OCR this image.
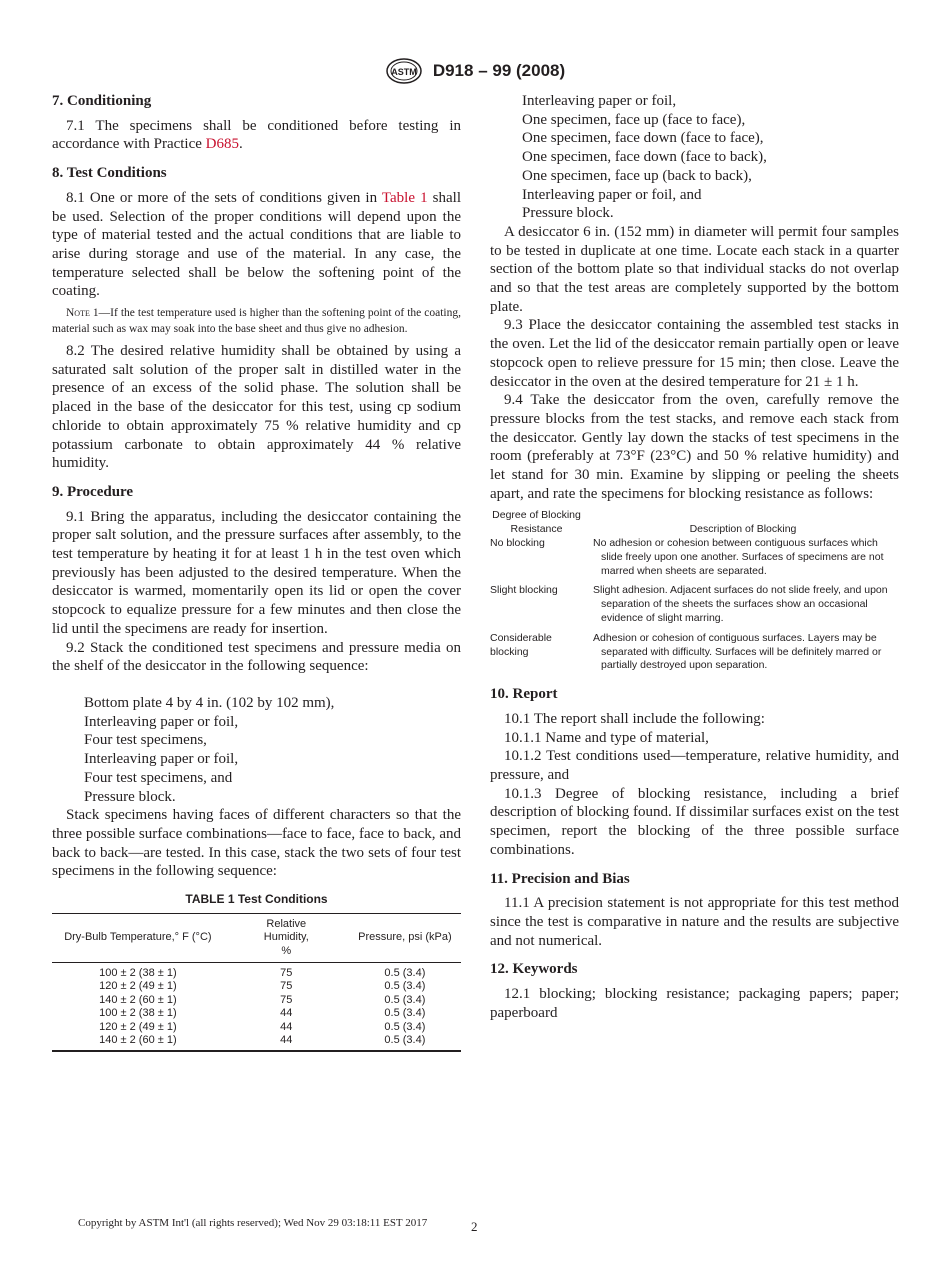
ASTM D918 – 99 (2008)
7. Conditioning

7.1 The specimens shall be conditioned before testing in accordance with Practice D685.

8. Test Conditions

8.1 One or more of the sets of conditions given in Table 1 shall be used. Selection of the proper conditions will depend upon the type of material tested and the actual conditions that are liable to arise during storage and use of the material. In any case, the temperature selected shall be below the softening point of the coating.

Note 1—If the test temperature used is higher than the softening point of the coating, material such as wax may soak into the base sheet and thus give no adhesion.

8.2 The desired relative humidity shall be obtained by using a saturated salt solution of the proper salt in distilled water in the presence of an excess of the solid phase. The solution shall be placed in the base of the desiccator for this test, using cp sodium chloride to obtain approximately 75 % relative humidity and cp potassium carbonate to obtain approximately 44 % relative humidity.

9. Procedure

9.1 Bring the apparatus, including the desiccator containing the proper salt solution, and the pressure surfaces after assembly, to the test temperature by heating it for at least 1 h in the test oven which previously has been adjusted to the desired temperature. When the desiccator is warmed, momentarily open its lid or open the cover stopcock to equalize pressure for a few minutes and then close the lid until the specimens are ready for insertion.

9.2 Stack the conditioned test specimens and pressure media on the shelf of the desiccator in the following sequence:

Bottom plate 4 by 4 in. (102 by 102 mm),
Interleaving paper or foil,
Four test specimens,
Interleaving paper or foil,
Four test specimens, and
Pressure block.

Stack specimens having faces of different characters so that the three possible surface combinations—face to face, face to back, and back to back—are tested. In this case, stack the two sets of four test specimens in the following sequence:

TABLE 1 Test Conditions
Dry-Bulb Temperature,° F (°C)	Relative Humidity, %	Pressure, psi (kPa)

100 ± 2 (38 ± 1)	75	0.5 (3.4)
120 ± 2 (49 ± 1)	75	0.5 (3.4)
140 ± 2 (60 ± 1)	75	0.5 (3.4)
100 ± 2 (38 ± 1)	44	0.5 (3.4)
120 ± 2 (49 ± 1)	44	0.5 (3.4)
140 ± 2 (60 ± 1)	44	0.5 (3.4)
Interleaving paper or foil,
One specimen, face up (face to face),
One specimen, face down (face to face),
One specimen, face down (face to back),
One specimen, face up (back to back),
Interleaving paper or foil, and
Pressure block.

A desiccator 6 in. (152 mm) in diameter will permit four samples to be tested in duplicate at one time. Locate each stack in a quarter section of the bottom plate so that individual stacks do not overlap and so that the test areas are completely supported by the bottom plate.

9.3 Place the desiccator containing the assembled test stacks in the oven. Let the lid of the desiccator remain partially open or leave stopcock open to relieve pressure for 15 min; then close. Leave the desiccator in the oven at the desired temperature for 21 ± 1 h.

9.4 Take the desiccator from the oven, carefully remove the pressure blocks from the test stacks, and remove each stack from the desiccator. Gently lay down the stacks of test specimens in the room (preferably at 73°F (23°C) and 50 % relative humidity) and let stand for 30 min. Examine by slipping or peeling the sheets apart, and rate the specimens for blocking resistance as follows:

Degree of Blocking Resistance	Description of Blocking
No blocking	No adhesion or cohesion between contiguous surfaces which slide freely upon one another. Surfaces of specimens are not marred when sheets are separated.
Slight blocking	Slight adhesion. Adjacent surfaces do not slide freely, and upon separation of the sheets the surfaces show an occasional evidence of slight marring.
Considerable blocking	Adhesion or cohesion of contiguous surfaces. Layers may be separated with difficulty. Surfaces will be definitely marred or partially destroyed upon separation.
10. Report

10.1 The report shall include the following:

10.1.1 Name and type of material,

10.1.2 Test conditions used—temperature, relative humidity, and pressure, and

10.1.3 Degree of blocking resistance, including a brief description of blocking found. If dissimilar surfaces exist on the test specimen, report the blocking of the three possible surface combinations.

11. Precision and Bias

11.1 A precision statement is not appropriate for this test method since the test is comparative in nature and the results are subjective and not numerical.

12. Keywords

12.1 blocking; blocking resistance; packaging papers; paper; paperboard

Copyright by ASTM Int'l (all rights reserved); Wed Nov 29 03:18:11 EST 2017	2
